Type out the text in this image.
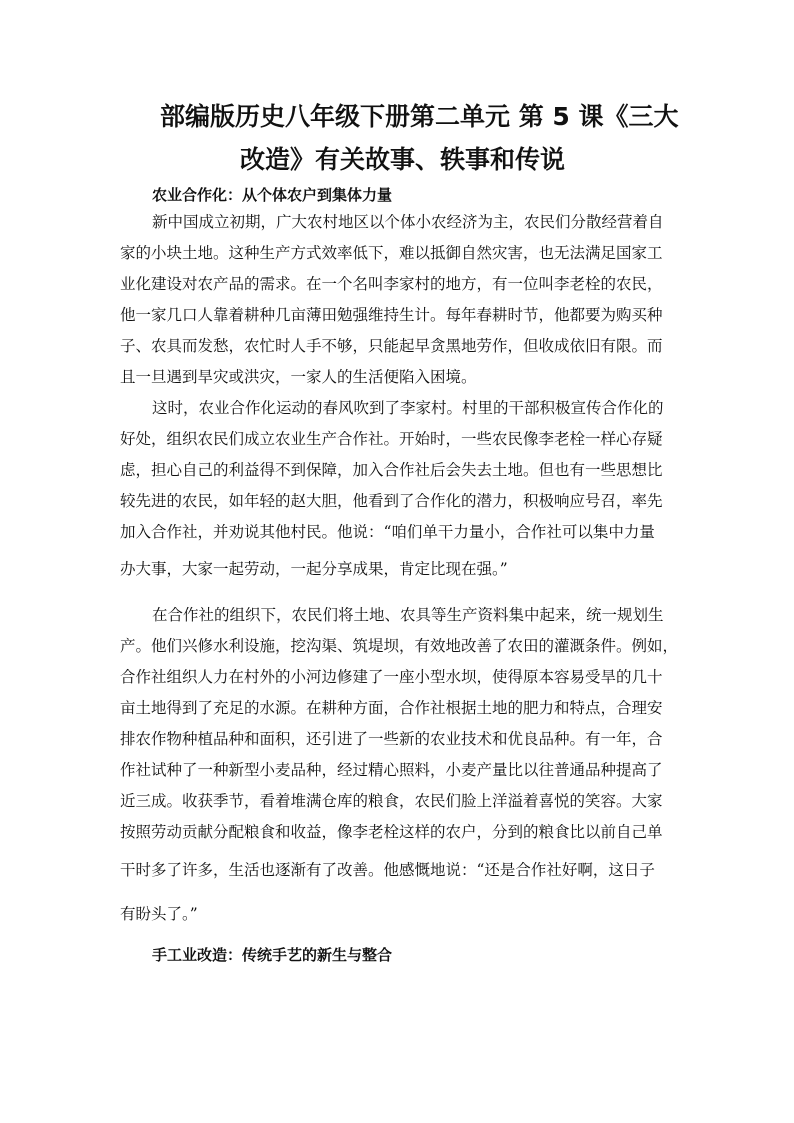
部编版历史八年级下册第二单元 第 5 课《三大
改造》有关故事、轶事和传说
农业合作化：从个体农户到集体力量
新中国成立初期，广大农村地区以个体小农经济为主，农民们分散经营着自
家的小块土地。这种生产方式效率低下，难以抵御自然灾害，也无法满足国家工
业化建设对农产品的需求。在一个名叫李家村的地方，有一位叫李老栓的农民，
他一家几口人靠着耕种几亩薄田勉强维持生计。每年春耕时节，他都要为购买种
子、农具而发愁，农忙时人手不够，只能起早贪黑地劳作，但收成依旧有限。而
且一旦遇到旱灾或洪灾，一家人的生活便陷入困境。
这时，农业合作化运动的春风吹到了李家村。村里的干部积极宣传合作化的
好处，组织农民们成立农业生产合作社。开始时，一些农民像李老栓一样心存疑
虑，担心自己的利益得不到保障，加入合作社后会失去土地。但也有一些思想比
较先进的农民，如年轻的赵大胆，他看到了合作化的潜力，积极响应号召，率先
加入合作社，并劝说其他村民。他说：“咱们单干力量小，合作社可以集中力量
办大事，大家一起劳动，一起分享成果，肯定比现在强。”
在合作社的组织下，农民们将土地、农具等生产资料集中起来，统一规划生
产。他们兴修水利设施，挖沟渠、筑堤坝，有效地改善了农田的灌溉条件。例如，
合作社组织人力在村外的小河边修建了一座小型水坝，使得原本容易受旱的几十
亩土地得到了充足的水源。在耕种方面，合作社根据土地的肥力和特点，合理安
排农作物种植品种和面积，还引进了一些新的农业技术和优良品种。有一年，合
作社试种了一种新型小麦品种，经过精心照料，小麦产量比以往普通品种提高了
近三成。收获季节，看着堆满仓库的粮食，农民们脸上洋溢着喜悦的笑容。大家
按照劳动贡献分配粮食和收益，像李老栓这样的农户，分到的粮食比以前自己单
干时多了许多，生活也逐渐有了改善。他感慨地说：“还是合作社好啊，这日子
有盼头了。”
手工业改造：传统手艺的新生与整合
